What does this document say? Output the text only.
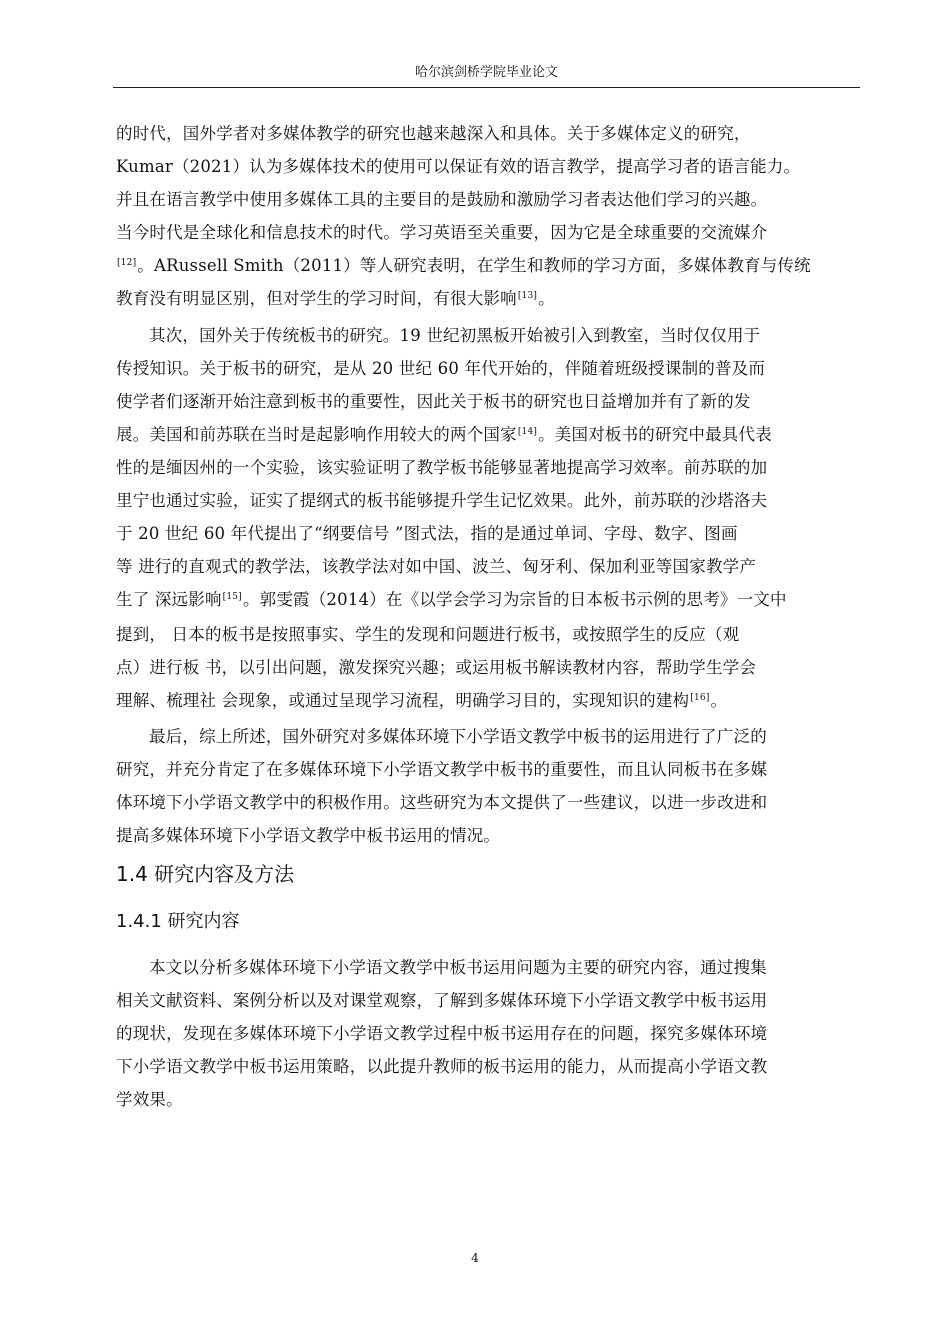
哈尔滨剑桥学院毕业论文
的时代，国外学者对多媒体教学的研究也越来越深入和具体。关于多媒体定义的研究，
Kumar（2021）认为多媒体技术的使用可以保证有效的语言教学，提高学习者的语言能力。
并且在语言教学中使用多媒体工具的主要目的是鼓励和激励学习者表达他们学习的兴趣。
当今时代是全球化和信息技术的时代。学习英语至关重要，因为它是全球重要的交流媒介
[12]。ARussell Smith（2011）等人研究表明，在学生和教师的学习方面，多媒体教育与传统
教育没有明显区别，但对学生的学习时间，有很大影响[13]。
其次，国外关于传统板书的研究。19 世纪初黑板开始被引入到教室，当时仅仅用于
传授知识。关于板书的研究，是从 20 世纪 60 年代开始的，伴随着班级授课制的普及而
使学者们逐渐开始注意到板书的重要性，因此关于板书的研究也日益增加并有了新的发
展。美国和前苏联在当时是起影响作用较大的两个国家[14]。美国对板书的研究中最具代表
性的是缅因州的一个实验，该实验证明了教学板书能够显著地提高学习效率。前苏联的加
里宁也通过实验，证实了提纲式的板书能够提升学生记忆效果。此外，前苏联的沙塔洛夫
于 20 世纪 60 年代提出了“纲要信号 ”图式法，指的是通过单词、字母、数字、图画
等 进行的直观式的教学法，该教学法对如中国、波兰、匈牙利、保加利亚等国家教学产
生了 深远影响[15]。郭雯霞（2014）在《以学会学习为宗旨的日本板书示例的思考》一文中
提到， 日本的板书是按照事实、学生的发现和问题进行板书，或按照学生的反应（观
点）进行板 书，以引出问题，激发探究兴趣；或运用板书解读教材内容，帮助学生学会
理解、梳理社 会现象，或通过呈现学习流程，明确学习目的，实现知识的建构[16]。
最后，综上所述，国外研究对多媒体环境下小学语文教学中板书的运用进行了广泛的
研究，并充分肯定了在多媒体环境下小学语文教学中板书的重要性，而且认同板书在多媒
体环境下小学语文教学中的积极作用。这些研究为本文提供了一些建议，以进一步改进和
提高多媒体环境下小学语文教学中板书运用的情况。
1.4 研究内容及方法
1.4.1 研究内容
本文以分析多媒体环境下小学语文教学中板书运用问题为主要的研究内容，通过搜集
相关文献资料、案例分析以及对课堂观察，了解到多媒体环境下小学语文教学中板书运用
的现状，发现在多媒体环境下小学语文教学过程中板书运用存在的问题，探究多媒体环境
下小学语文教学中板书运用策略，以此提升教师的板书运用的能力，从而提高小学语文教
学效果。
4
